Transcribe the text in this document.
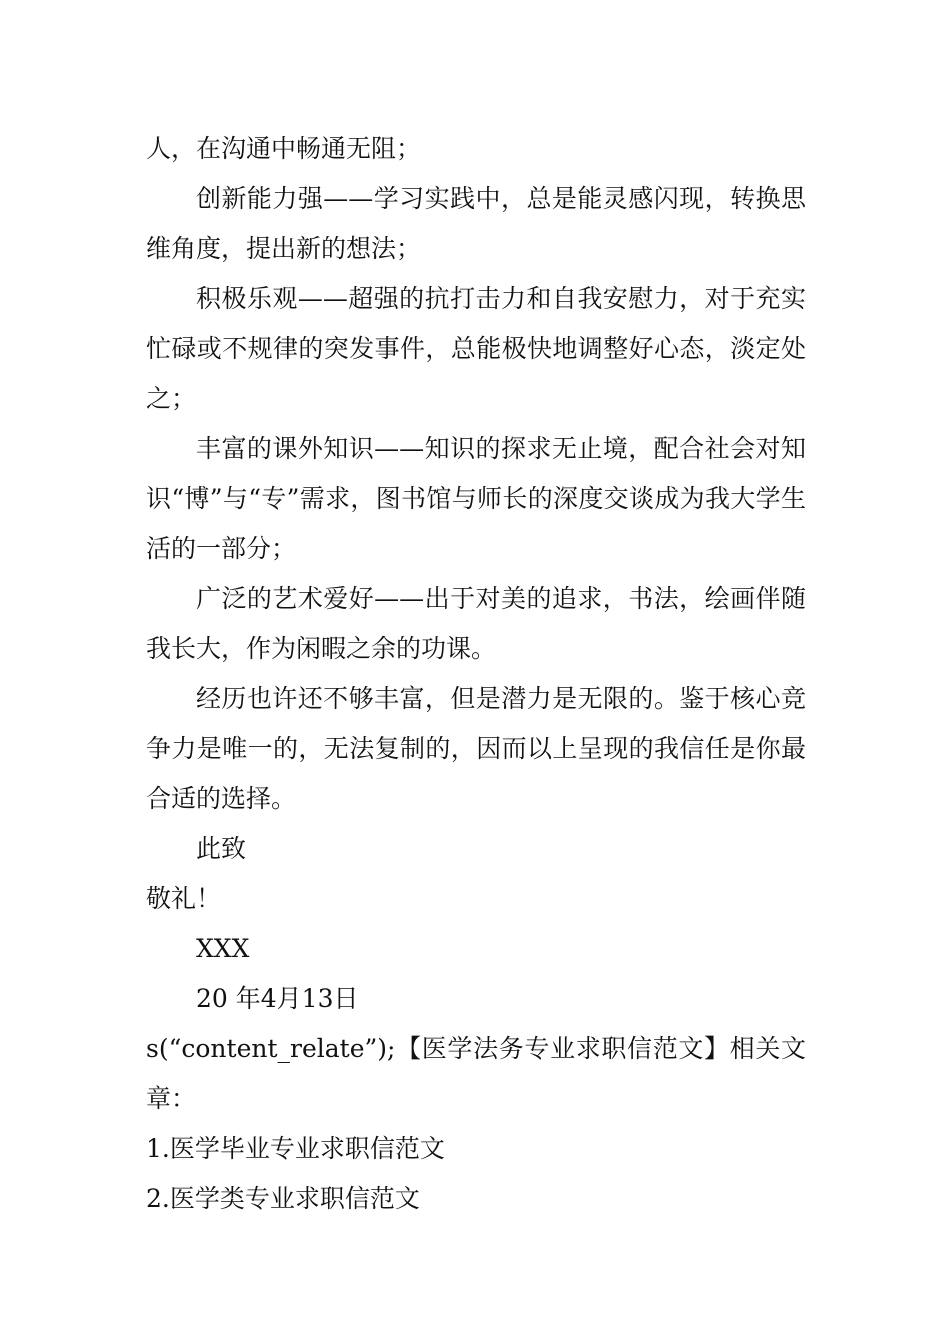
人，在沟通中畅通无阻；

创新能力强——学习实践中，总是能灵感闪现，转换思维角度，提出新的想法；

积极乐观——超强的抗打击力和自我安慰力，对于充实忙碌或不规律的突发事件，总能极快地调整好心态，淡定处之；

丰富的课外知识——知识的探求无止境，配合社会对知识“博”与“专”需求，图书馆与师长的深度交谈成为我大学生活的一部分；

广泛的艺术爱好——出于对美的追求，书法，绘画伴随我长大，作为闲暇之余的功课。

经历也许还不够丰富，但是潜力是无限的。鉴于核心竞争力是唯一的，无法复制的，因而以上呈现的我信任是你最合适的选择。

此致

敬礼！

XXX

20 年4月13日

s(“content_relate”);【医学法务专业求职信范文】相关文章：

1.医学毕业专业求职信范文

2.医学类专业求职信范文
